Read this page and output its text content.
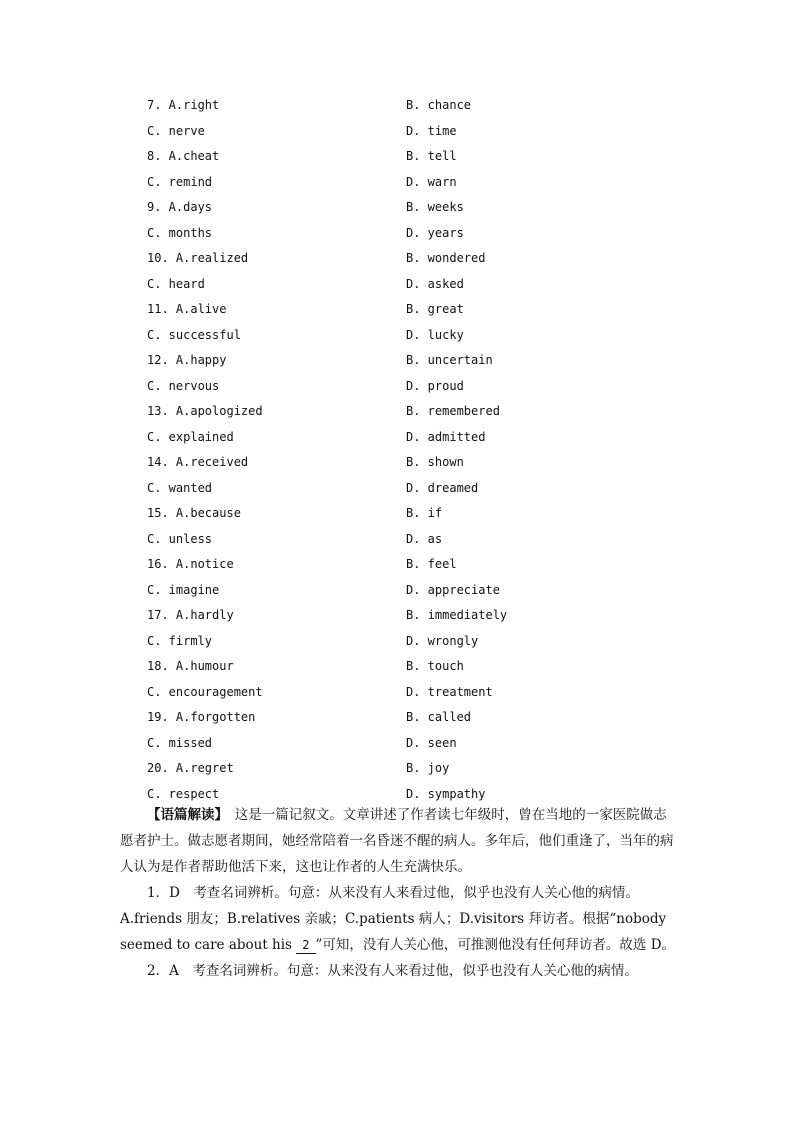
7. A.right	B. chance
C. nerve	D. time
8. A.cheat	B. tell
C. remind	D. warn
9. A.days	B. weeks
C. months	D. years
10. A.realized	B. wondered
C. heard	D. asked
11. A.alive	B. great
C. successful	D. lucky
12. A.happy	B. uncertain
C. nervous	D. proud
13. A.apologized	B. remembered
C. explained	D. admitted
14. A.received	B. shown
C. wanted	D. dreamed
15. A.because	B. if
C. unless	D. as
16. A.notice	B. feel
C. imagine	D. appreciate
17. A.hardly	B. immediately
C. firmly	D. wrongly
18. A.humour	B. touch
C. encouragement	D. treatment
19. A.forgotten	B. called
C. missed	D. seen
20. A.regret	B. joy
C. respect	D. sympathy

【语篇解读】　这是一篇记叙文。文章讲述了作者读七年级时，曾在当地的一家医院做志愿者护士。做志愿者期间，她经常陪着一名昏迷不醒的病人。多年后，他们重逢了，当年的病人认为是作者帮助他活下来，这也让作者的人生充满快乐。

1．D　考查名词辨析。句意：从来没有人来看过他，似乎也没有人关心他的病情。

A.friends 朋友；B.relatives 亲戚；C.patients 病人；D.visitors 拜访者。根据“nobody seemed to care about his 2 ”可知，没有人关心他，可推测他没有任何拜访者。故选 D。

2．A　考查名词辨析。句意：从来没有人来看过他，似乎也没有人关心他的病情。
